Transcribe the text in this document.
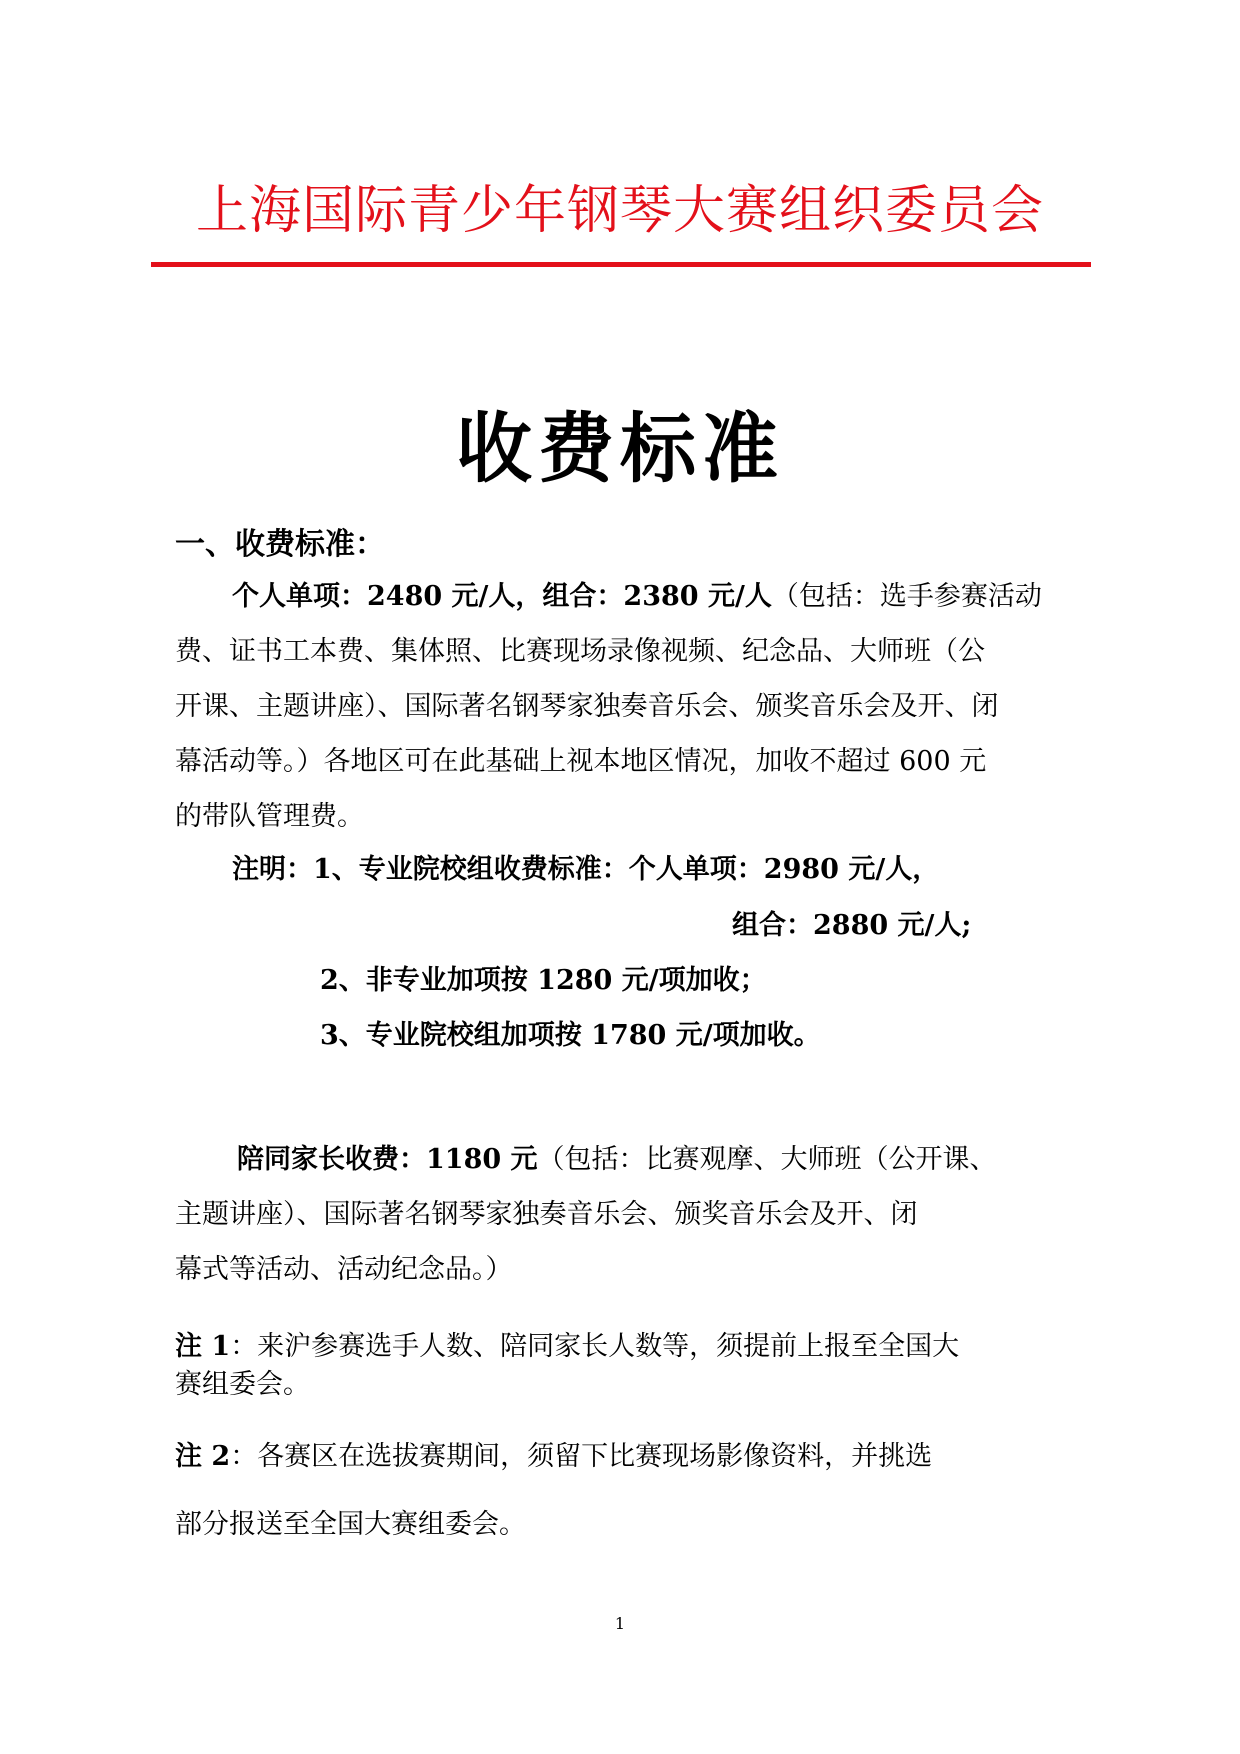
上海国际青少年钢琴大赛组织委员会
收费标准
一、收费标准：
个人单项：2480 元/人，组合：2380 元/人（包括：选手参赛活动
费、证书工本费、集体照、比赛现场录像视频、纪念品、大师班（公
开课、主题讲座）、国际著名钢琴家独奏音乐会、颁奖音乐会及开、闭
幕活动等。）各地区可在此基础上视本地区情况，加收不超过 600 元
的带队管理费。
注明：1、专业院校组收费标准：个人单项：2980 元/人，
组合：2880 元/人;
2、非专业加项按 1280 元/项加收；
3、专业院校组加项按 1780 元/项加收。
陪同家长收费：1180 元（包括：比赛观摩、大师班（公开课、
主题讲座）、国际著名钢琴家独奏音乐会、颁奖音乐会及开、闭
幕式等活动、活动纪念品。）
注 1：来沪参赛选手人数、陪同家长人数等，须提前上报至全国大
赛组委会。
注 2：各赛区在选拔赛期间，须留下比赛现场影像资料，并挑选
部分报送至全国大赛组委会。
1
